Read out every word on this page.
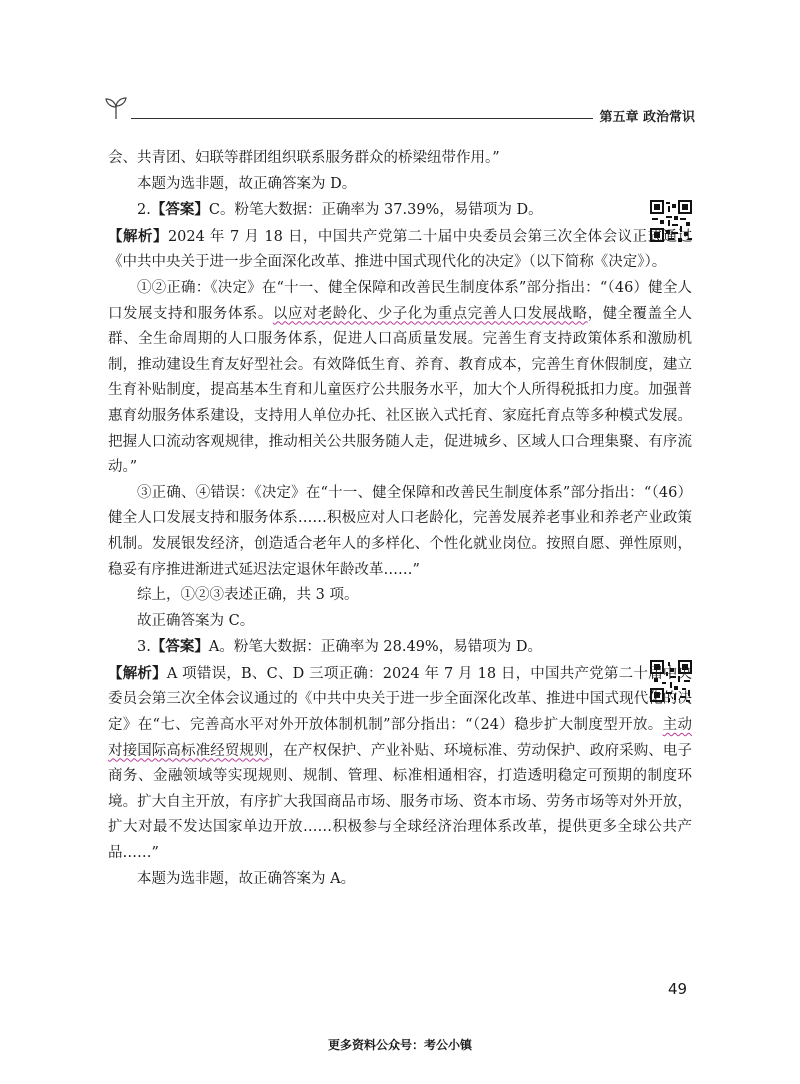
第五章 政治常识

会、共青团、妇联等群团组织联系服务群众的桥梁纽带作用。”

本题为选非题，故正确答案为 D。

2.【答案】C。粉笔大数据：正确率为 37.39%，易错项为 D。

【解析】2024 年 7 月 18 日，中国共产党第二十届中央委员会第三次全体会议正式通过《中共中央关于进一步全面深化改革、推进中国式现代化的决定》（以下简称《决定》）。

①②正确：《决定》在“十一、健全保障和改善民生制度体系”部分指出：“（46）健全人口发展支持和服务体系。以应对老龄化、少子化为重点完善人口发展战略，健全覆盖全人群、全生命周期的人口服务体系，促进人口高质量发展。完善生育支持政策体系和激励机制，推动建设生育友好型社会。有效降低生育、养育、教育成本，完善生育休假制度，建立生育补贴制度，提高基本生育和儿童医疗公共服务水平，加大个人所得税抵扣力度。加强普惠育幼服务体系建设，支持用人单位办托、社区嵌入式托育、家庭托育点等多种模式发展。把握人口流动客观规律，推动相关公共服务随人走，促进城乡、区域人口合理集聚、有序流动。”

③正确、④错误：《决定》在“十一、健全保障和改善民生制度体系”部分指出：“（46）健全人口发展支持和服务体系……积极应对人口老龄化，完善发展养老事业和养老产业政策机制。发展银发经济，创造适合老年人的多样化、个性化就业岗位。按照自愿、弹性原则，稳妥有序推进渐进式延迟法定退休年龄改革……”

综上，①②③表述正确，共 3 项。

故正确答案为 C。

3.【答案】A。粉笔大数据：正确率为 28.49%，易错项为 D。

【解析】A 项错误，B、C、D 三项正确：2024 年 7 月 18 日，中国共产党第二十届中央委员会第三次全体会议通过的《中共中央关于进一步全面深化改革、推进中国式现代化的决定》在“七、完善高水平对外开放体制机制”部分指出：“（24）稳步扩大制度型开放。主动对接国际高标准经贸规则，在产权保护、产业补贴、环境标准、劳动保护、政府采购、电子商务、金融领域等实现规则、规制、管理、标准相通相容，打造透明稳定可预期的制度环境。扩大自主开放，有序扩大我国商品市场、服务市场、资本市场、劳务市场等对外开放，扩大对最不发达国家单边开放……积极参与全球经济治理体系改革，提供更多全球公共产品……”

本题为选非题，故正确答案为 A。

49
更多资料公众号：考公小镇
